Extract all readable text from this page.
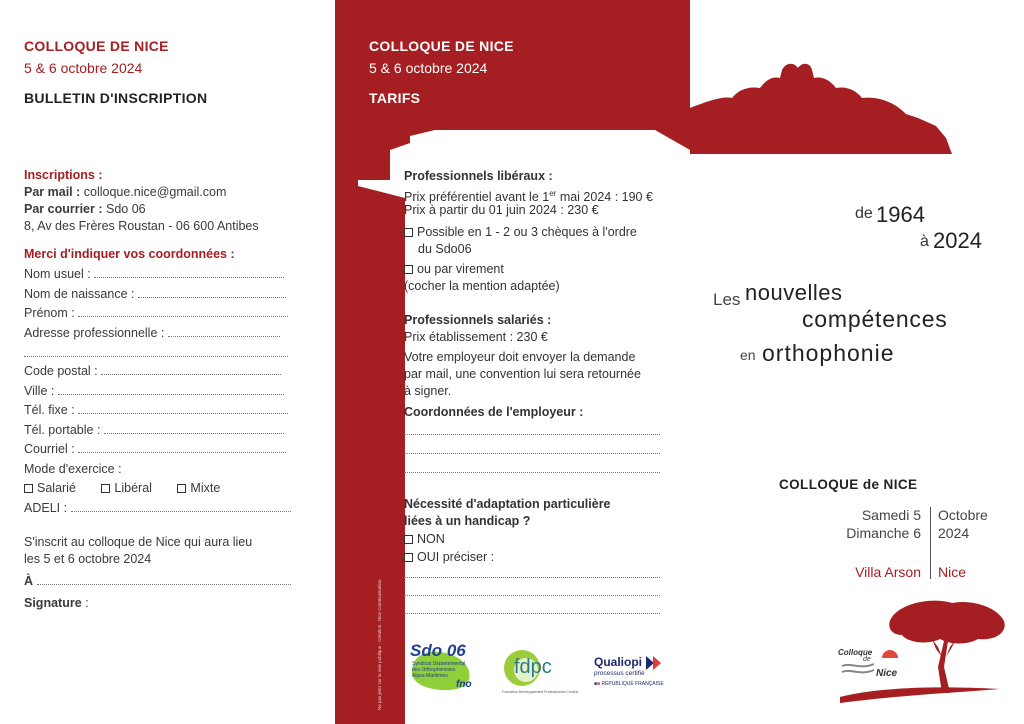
COLLOQUE DE NICE
5 & 6 octobre 2024
BULLETIN D'INSCRIPTION
Inscriptions :
Par mail : colloque.nice@gmail.com
Par courrier : Sdo 06
8, Av des Frères Roustan - 06 600 Antibes
Merci d'indiquer vos coordonnées :
Nom usuel :
Nom de naissance :
Prénom :
Adresse professionnelle :
Code postal :
Ville :
Tél. fixe :
Tél. portable :
Courriel :
Mode d'exercice :
Salarié	Libéral	Mixte
ADELI :
S'inscrit au colloque de Nice qui aura lieu
les 5 et 6 octobre 2024
À
Signature :
COLLOQUE DE NICE
5 & 6 octobre 2024
TARIFS
Ne pas jeter sur la voie publique - Création : Nice Communication
Professionnels libéraux :
Prix préférentiel avant le 1er mai 2024 : 190 €
Prix à partir du 01 juin 2024 : 230 €
Possible en 1 - 2 ou 3 chèques à l'ordre
du Sdo06
ou par virement
(cocher la mention adaptée)
Professionnels salariés :
Prix établissement : 230 €
Votre employeur doit envoyer la demande
par mail, une convention lui sera retournée
à signer.
Coordonnées de l'employeur :
Nécessité d'adaptation particulière
liées à un handicap ?
NON
OUI préciser :
Sdo 06
Syndicat Départemental
des Orthophonistes
Alpes-Maritimes
fno
fdpc
Formation Développement Professionnel Continu
Qualiopi
processus certifié
■■ RÉPUBLIQUE FRANÇAISE
de 1964
à 2024
Les nouvelles
compétences
en orthophonie
COLLOQUE de NICE
Samedi 5
Dimanche 6
Octobre
2024
Villa Arson Nice
Colloque
de
Nice
